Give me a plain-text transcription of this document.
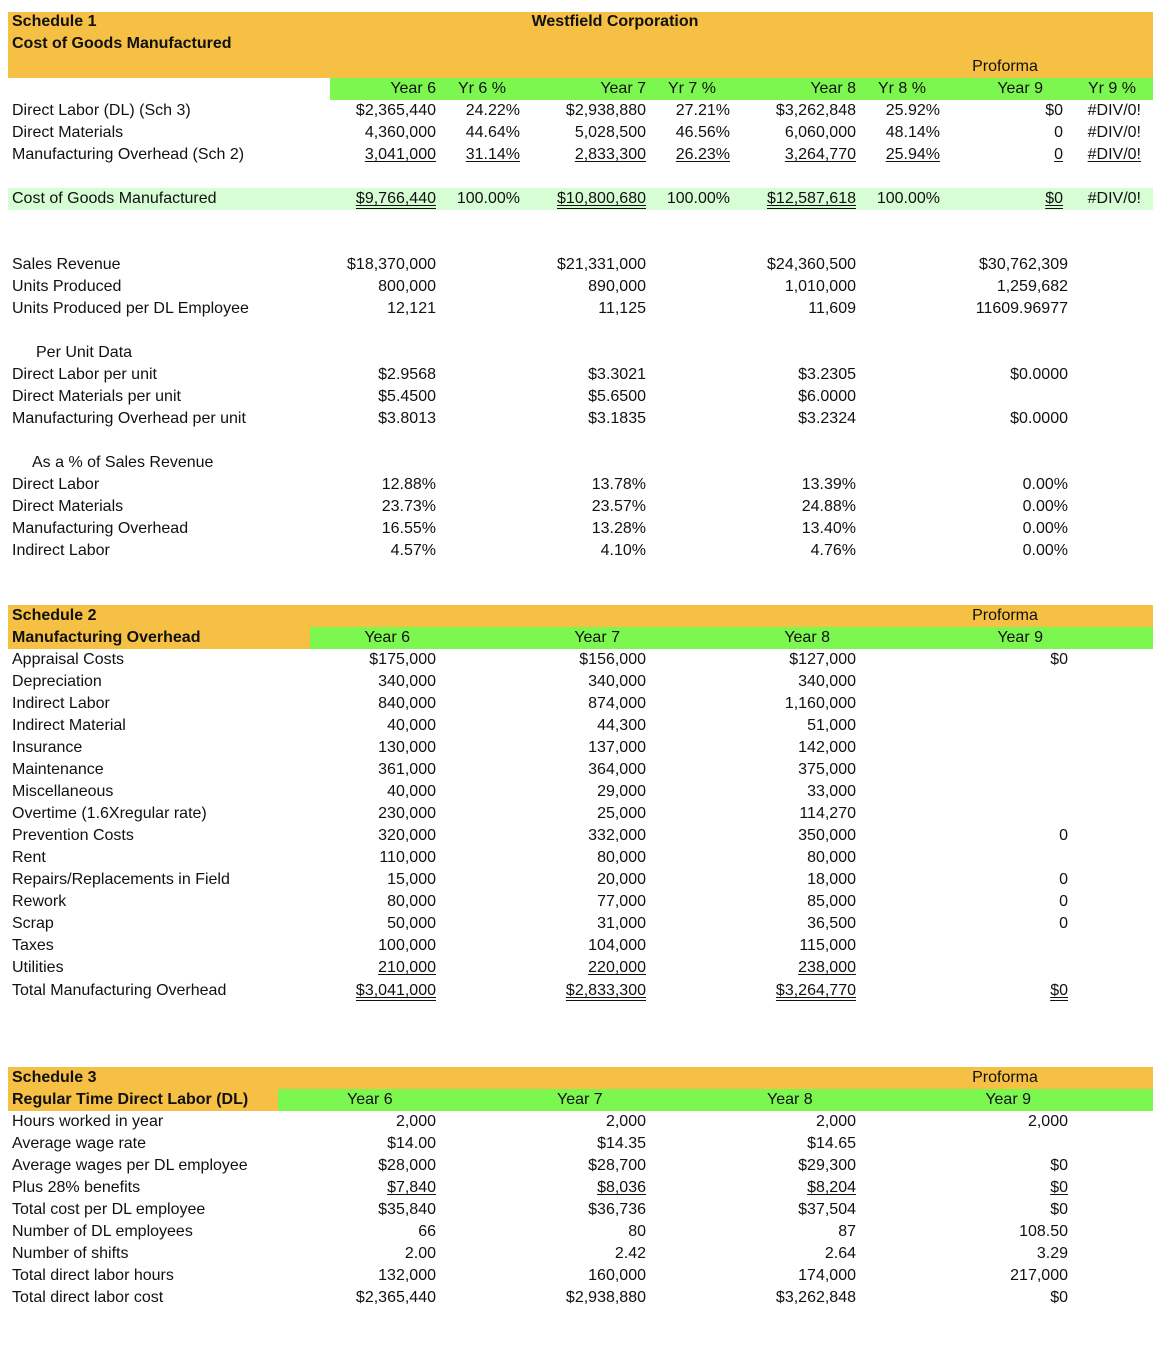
Schedule 1
Cost of Goods Manufactured
Westfield Corporation
Proforma
Year 6	Yr 6 %	Year 7	Yr 7 %	Year 8	Yr 8 %	Year 9	Yr 9 %
Direct Labor (DL) (Sch 3)	$2,365,440	24.22%	$2,938,880	27.21%	$3,262,848	25.92%	$0	#DIV/0!
Direct Materials	4,360,000	44.64%	5,028,500	46.56%	6,060,000	48.14%	0	#DIV/0!
Manufacturing Overhead (Sch 2)	3,041,000	31.14%	2,833,300	26.23%	3,264,770	25.94%	0	#DIV/0!
Cost of Goods Manufactured	$9,766,440	100.00%	$10,800,680	100.00%	$12,587,618	100.00%	$0	#DIV/0!
Sales Revenue	$18,370,000	$21,331,000	$24,360,500	$30,762,309
Units Produced	800,000	890,000	1,010,000	1,259,682
Units Produced per DL Employee	12,121	11,125	11,609	11609.96977
Per Unit Data
Direct Labor per unit	$2.9568	$3.3021	$3.2305	$0.0000
Direct Materials per unit	$5.4500	$5.6500	$6.0000
Manufacturing Overhead per unit	$3.8013	$3.1835	$3.2324	$0.0000
As a % of Sales Revenue
Direct Labor	12.88%	13.78%	13.39%	0.00%
Direct Materials	23.73%	23.57%	24.88%	0.00%
Manufacturing Overhead	16.55%	13.28%	13.40%	0.00%
Indirect Labor	4.57%	4.10%	4.76%	0.00%
Schedule 2
Manufacturing Overhead
Proforma
Year 6	Year 7	Year 8	Year 9
Appraisal Costs	$175,000	$156,000	$127,000	$0
Depreciation	340,000	340,000	340,000
Indirect Labor	840,000	874,000	1,160,000
Indirect Material	40,000	44,300	51,000
Insurance	130,000	137,000	142,000
Maintenance	361,000	364,000	375,000
Miscellaneous	40,000	29,000	33,000
Overtime (1.6Xregular rate)	230,000	25,000	114,270
Prevention Costs	320,000	332,000	350,000	0
Rent	110,000	80,000	80,000
Repairs/Replacements in Field	15,000	20,000	18,000	0
Rework	80,000	77,000	85,000	0
Scrap	50,000	31,000	36,500	0
Taxes	100,000	104,000	115,000
Utilities	210,000	220,000	238,000
Total Manufacturing Overhead	$3,041,000	$2,833,300	$3,264,770	$0
Schedule 3
Regular Time Direct Labor (DL)
Proforma
Year 6	Year 7	Year 8	Year 9
Hours worked in year	2,000	2,000	2,000	2,000
Average wage rate	$14.00	$14.35	$14.65
Average wages per DL employee	$28,000	$28,700	$29,300	$0
Plus 28% benefits	$7,840	$8,036	$8,204	$0
Total cost per DL employee	$35,840	$36,736	$37,504	$0
Number of DL employees	66	80	87	108.50
Number of shifts	2.00	2.42	2.64	3.29
Total direct labor hours	132,000	160,000	174,000	217,000
Total direct labor cost	$2,365,440	$2,938,880	$3,262,848	$0
